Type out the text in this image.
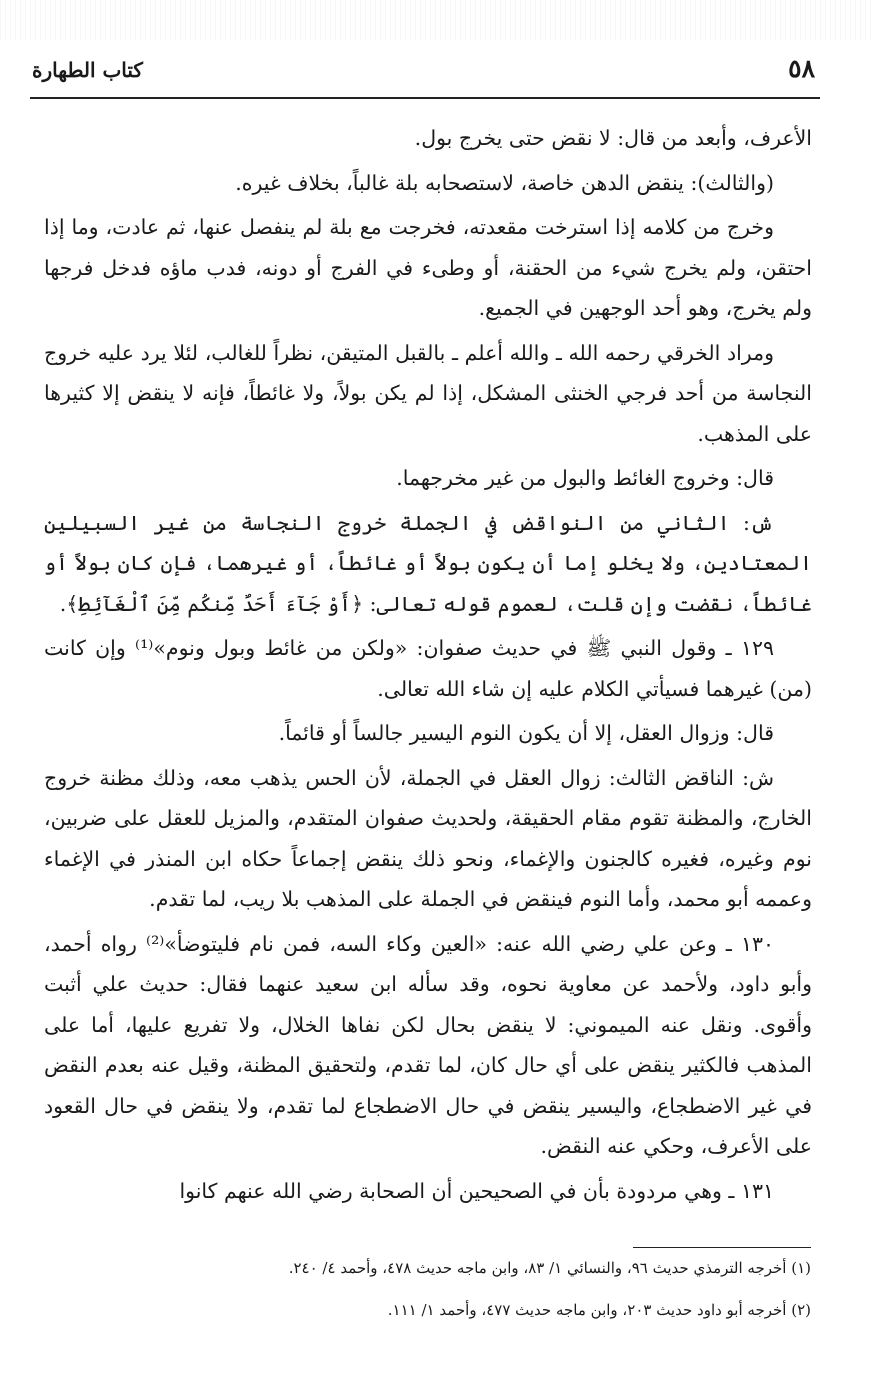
٥٨
كتاب الطهارة

الأعرف، وأبعد من قال: لا نقض حتى يخرج بول.

(والثالث): ينقض الدهن خاصة، لاستصحابه بلة غالباً، بخلاف غيره.

وخرج من كلامه إذا استرخت مقعدته، فخرجت مع بلة لم ينفصل عنها، ثم عادت، وما إذا احتقن، ولم يخرج شيء من الحقنة، أو وطىء في الفرج أو دونه، فدب ماؤه فدخل فرجها ولم يخرج، وهو أحد الوجهين في الجميع.

ومراد الخرقي رحمه الله ـ والله أعلم ـ بالقبل المتيقن، نظراً للغالب، لئلا يرد عليه خروج النجاسة من أحد فرجي الخنثى المشكل، إذا لم يكن بولاً، ولا غائطاً، فإنه لا ينقض إلا كثيرها على المذهب.

قال: وخروج الغائط والبول من غير مخرجهما.

ش: الثاني من النواقض في الجملة خروج النجاسة من غير السبيلين المعتادين، ولا يخلو إما أن يكون بولاً أو غائطاً، أو غيرهما، فإن كان بولاً أو غائطاً، نقضت وإن قلت، لعموم قوله تعالى: ﴿أَوْ جَآءَ أَحَدٌ مِّنكُم مِّنَ ٱلْغَآئِطِ﴾.

١٢٩ ـ وقول النبي ﷺ في حديث صفوان: «ولكن من غائط وبول ونوم»⁽¹⁾ وإن كانت (من) غيرهما فسيأتي الكلام عليه إن شاء الله تعالى.

قال: وزوال العقل، إلا أن يكون النوم اليسير جالساً أو قائماً.

ش: الناقض الثالث: زوال العقل في الجملة، لأن الحس يذهب معه، وذلك مظنة خروج الخارج، والمظنة تقوم مقام الحقيقة، ولحديث صفوان المتقدم، والمزيل للعقل على ضربين، نوم وغيره، فغيره كالجنون والإغماء، ونحو ذلك ينقض إجماعاً حكاه ابن المنذر في الإغماء وعممه أبو محمد، وأما النوم فينقض في الجملة على المذهب بلا ريب، لما تقدم.

١٣٠ ـ وعن علي رضي الله عنه: «العين وكاء السه، فمن نام فليتوضأ»⁽²⁾ رواه أحمد، وأبو داود، ولأحمد عن معاوية نحوه، وقد سأله ابن سعيد عنهما فقال: حديث علي أثبت وأقوى. ونقل عنه الميموني: لا ينقض بحال لكن نفاها الخلال، ولا تفريع عليها، أما على المذهب فالكثير ينقض على أي حال كان، لما تقدم، ولتحقيق المظنة، وقيل عنه بعدم النقض في غير الاضطجاع، واليسير ينقض في حال الاضطجاع لما تقدم، ولا ينقض في حال القعود على الأعرف، وحكي عنه النقض.

١٣١ ـ وهي مردودة بأن في الصحيحين أن الصحابة رضي الله عنهم كانوا

(١) أخرجه الترمذي حديث ٩٦، والنسائي ١/ ٨٣، وابن ماجه حديث ٤٧٨، وأحمد ٤/ ٢٤٠.

(٢) أخرجه أبو داود حديث ٢٠٣، وابن ماجه حديث ٤٧٧، وأحمد ١/ ١١١.
